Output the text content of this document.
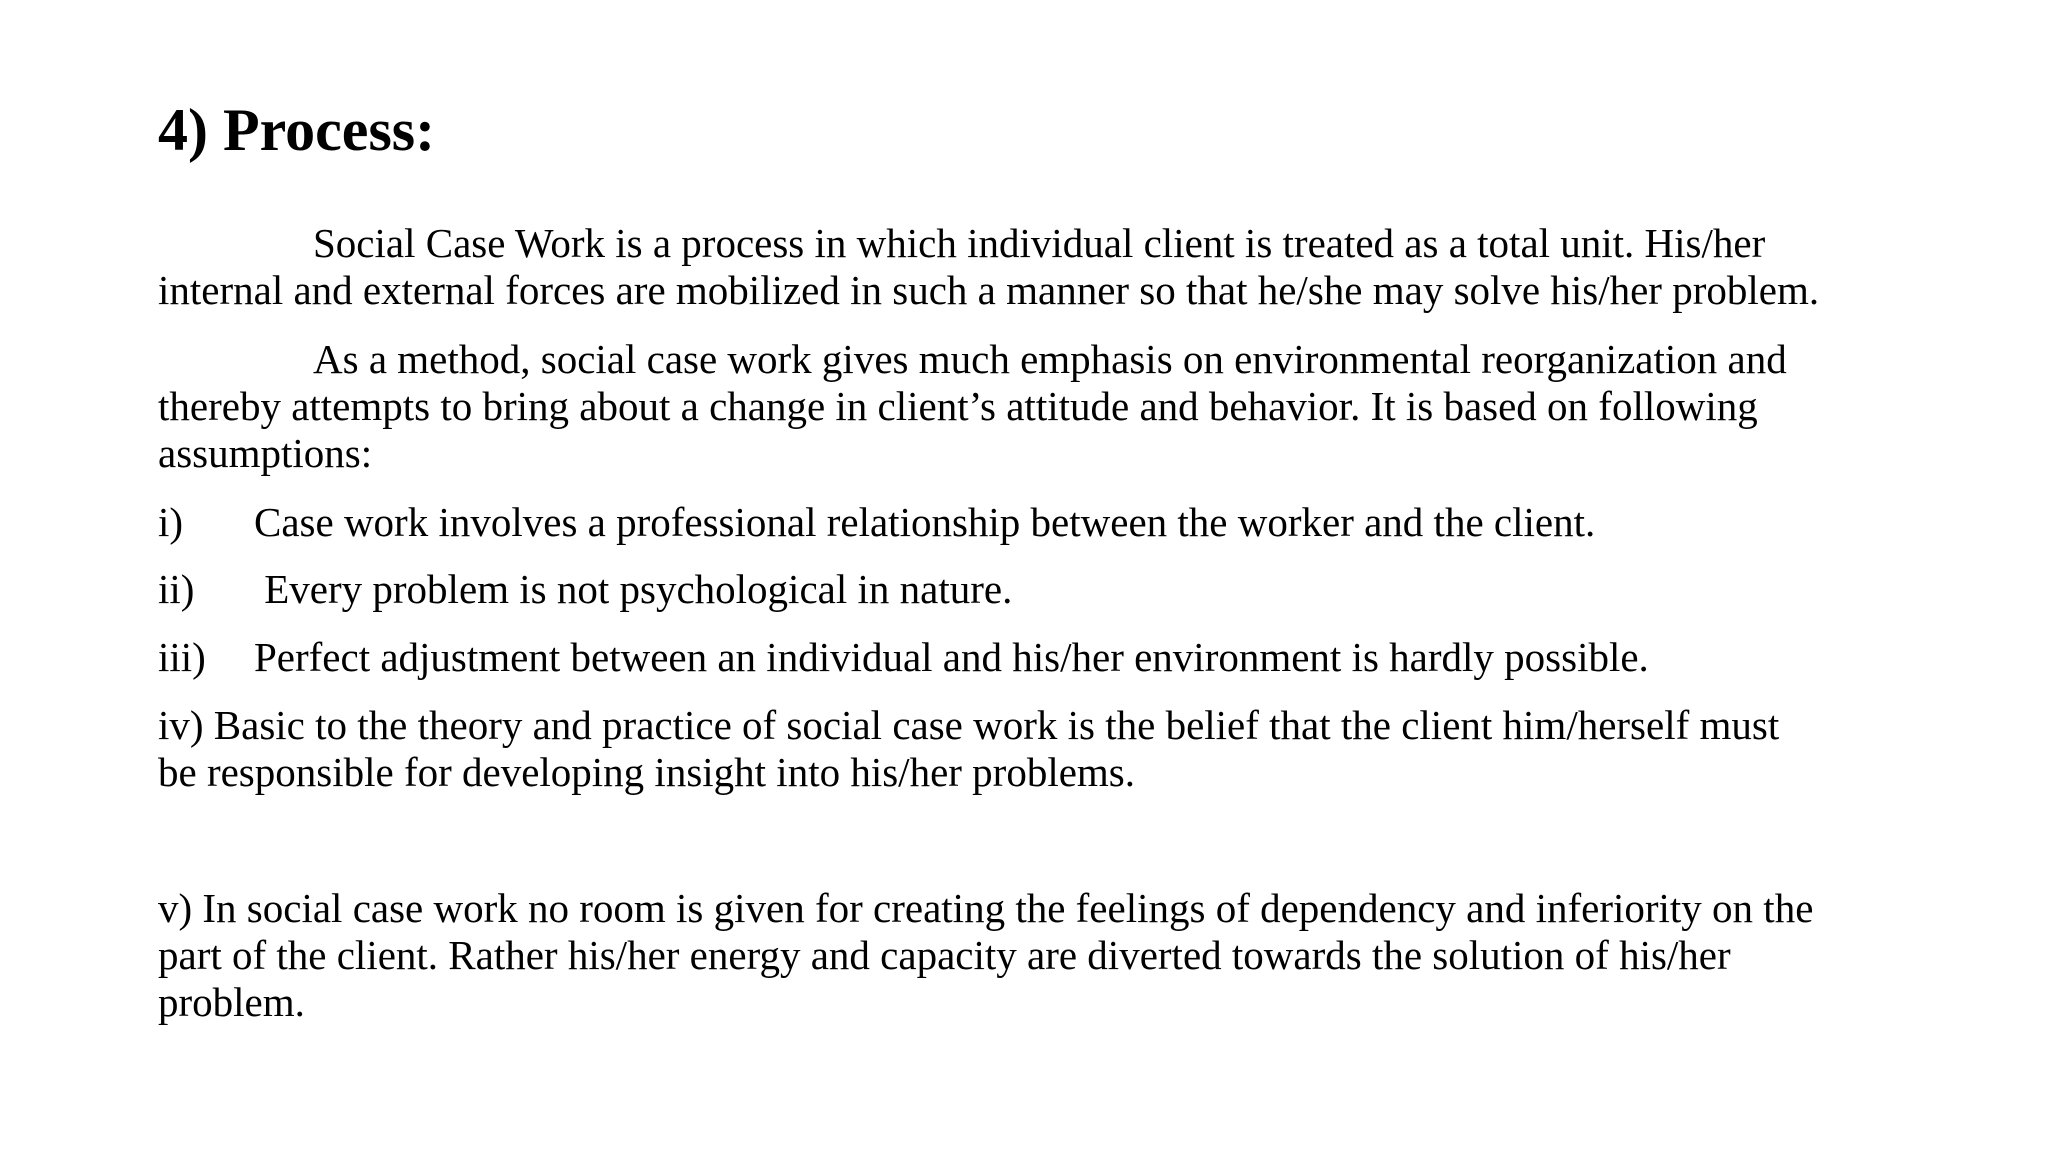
4) Process:
Social Case Work is a process in which individual client is treated as a total unit. His/her
internal and external forces are mobilized in such a manner so that he/she may solve his/her problem.
As a method, social case work gives much emphasis on environmental reorganization and
thereby attempts to bring about a change in client’s attitude and behavior. It is based on following
assumptions:
i) Case work involves a professional relationship between the worker and the client.
ii) Every problem is not psychological in nature.
iii) Perfect adjustment between an individual and his/her environment is hardly possible.
iv) Basic to the theory and practice of social case work is the belief that the client him/herself must
be responsible for developing insight into his/her problems.
v) In social case work no room is given for creating the feelings of dependency and inferiority on the
part of the client. Rather his/her energy and capacity are diverted towards the solution of his/her
problem.
